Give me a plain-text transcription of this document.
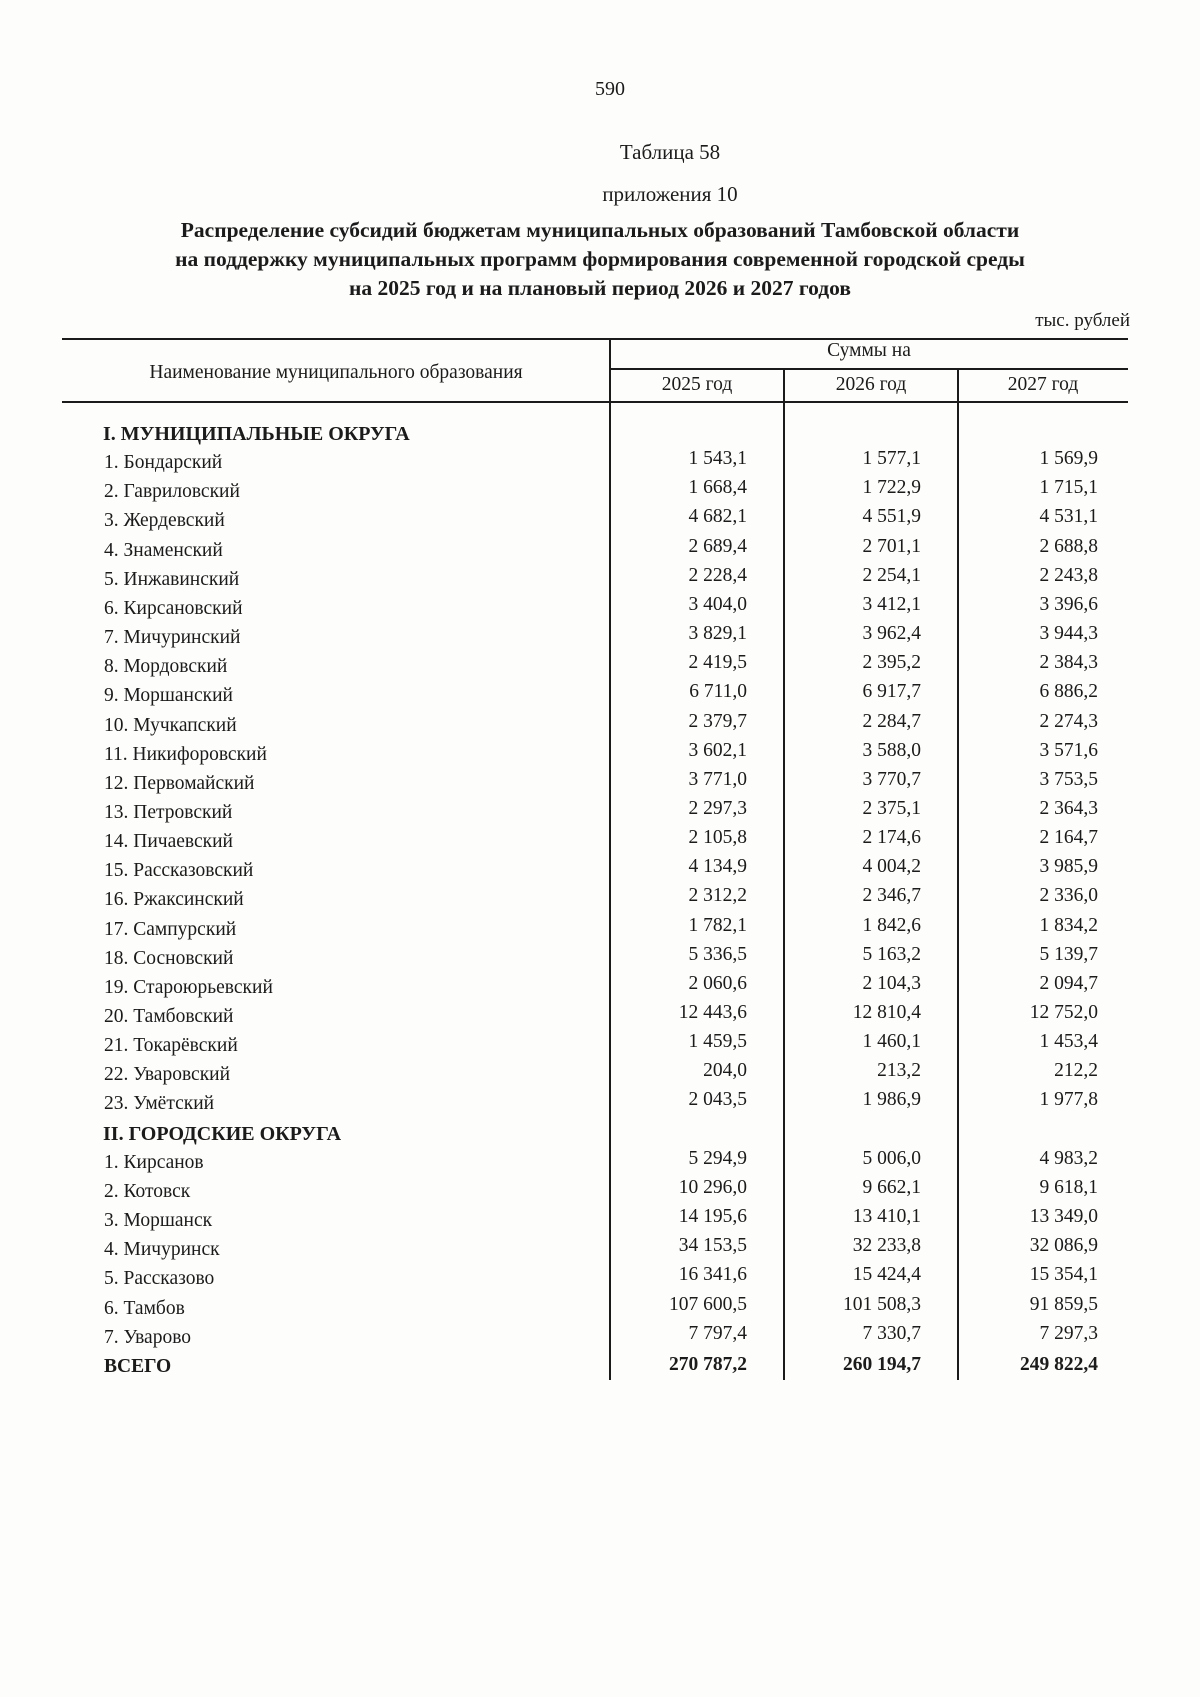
590
Таблица 58
приложения 10
Распределение субсидий бюджетам муниципальных образований Тамбовской области
на поддержку муниципальных программ формирования современной городской среды
на 2025 год и на плановый период 2026 и 2027 годов
тыс. рублей
Наименование муниципального образования
Суммы на
2025 год	2026 год	2027 год
I. МУНИЦИПАЛЬНЫЕ ОКРУГА
1. Бондарский	1 543,1	1 577,1	1 569,9
2. Гавриловский	1 668,4	1 722,9	1 715,1
3. Жердевский	4 682,1	4 551,9	4 531,1
4. Знаменский	2 689,4	2 701,1	2 688,8
5. Инжавинский	2 228,4	2 254,1	2 243,8
6. Кирсановский	3 404,0	3 412,1	3 396,6
7. Мичуринский	3 829,1	3 962,4	3 944,3
8. Мордовский	2 419,5	2 395,2	2 384,3
9. Моршанский	6 711,0	6 917,7	6 886,2
10. Мучкапский	2 379,7	2 284,7	2 274,3
11. Никифоровский	3 602,1	3 588,0	3 571,6
12. Первомайский	3 771,0	3 770,7	3 753,5
13. Петровский	2 297,3	2 375,1	2 364,3
14. Пичаевский	2 105,8	2 174,6	2 164,7
15. Рассказовский	4 134,9	4 004,2	3 985,9
16. Ржаксинский	2 312,2	2 346,7	2 336,0
17. Сампурский	1 782,1	1 842,6	1 834,2
18. Сосновский	5 336,5	5 163,2	5 139,7
19. Староюрьевский	2 060,6	2 104,3	2 094,7
20. Тамбовский	12 443,6	12 810,4	12 752,0
21. Токарёвский	1 459,5	1 460,1	1 453,4
22. Уваровский	204,0	213,2	212,2
23. Умётский	2 043,5	1 986,9	1 977,8
II. ГОРОДСКИЕ ОКРУГА
1. Кирсанов	5 294,9	5 006,0	4 983,2
2. Котовск	10 296,0	9 662,1	9 618,1
3. Моршанск	14 195,6	13 410,1	13 349,0
4. Мичуринск	34 153,5	32 233,8	32 086,9
5. Рассказово	16 341,6	15 424,4	15 354,1
6. Тамбов	107 600,5	101 508,3	91 859,5
7. Уварово	7 797,4	7 330,7	7 297,3
ВСЕГО	270 787,2	260 194,7	249 822,4
